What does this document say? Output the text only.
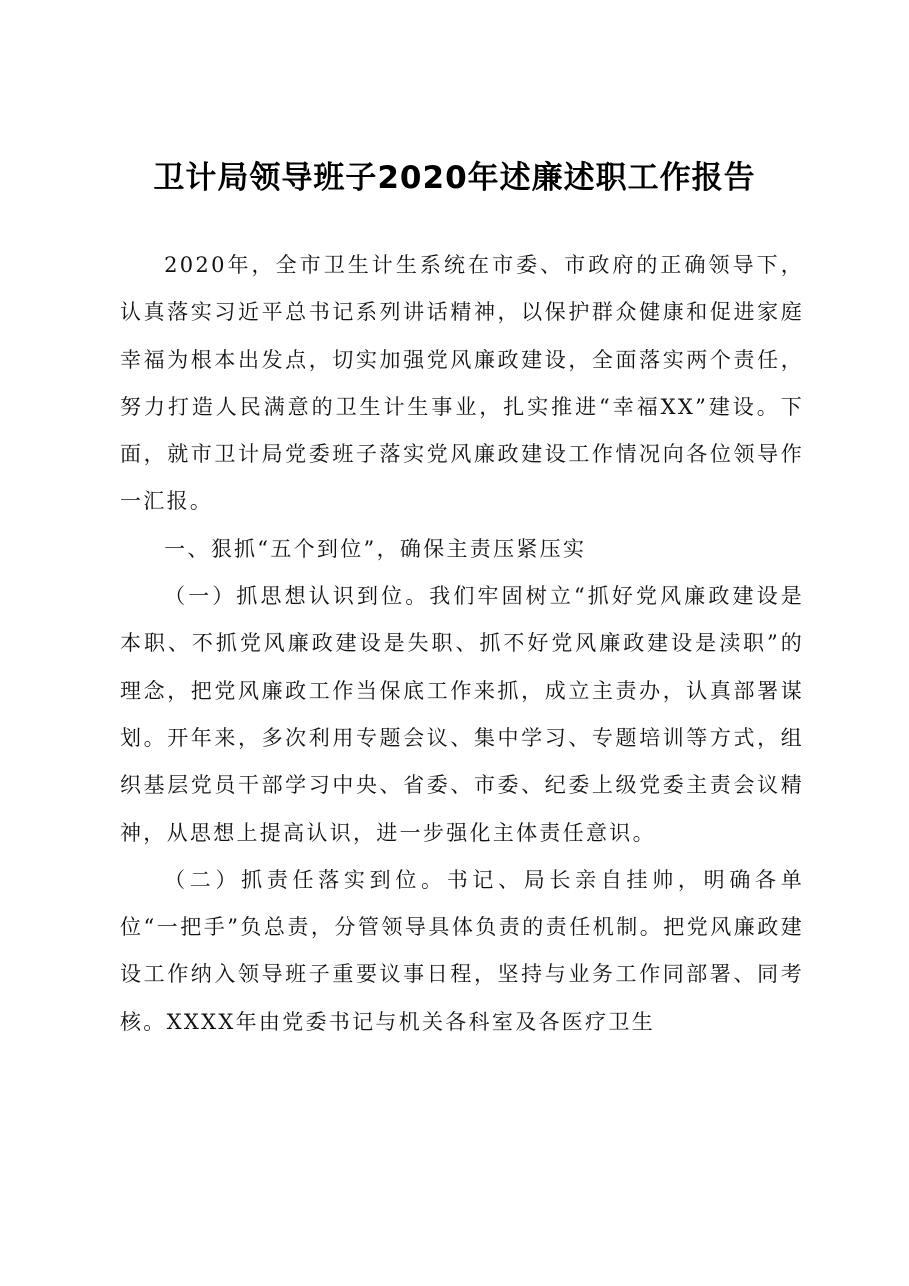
卫计局领导班子2020年述廉述职工作报告

2020年，全市卫生计生系统在市委、市政府的正确领导下，认真落实习近平总书记系列讲话精神，以保护群众健康和促进家庭幸福为根本出发点，切实加强党风廉政建设，全面落实两个责任，努力打造人民满意的卫生计生事业，扎实推进“幸福XX”建设。下面，就市卫计局党委班子落实党风廉政建设工作情况向各位领导作一汇报。

一、狠抓“五个到位”，确保主责压紧压实

（一）抓思想认识到位。我们牢固树立“抓好党风廉政建设是本职、不抓党风廉政建设是失职、抓不好党风廉政建设是渎职”的理念，把党风廉政工作当保底工作来抓，成立主责办，认真部署谋划。开年来，多次利用专题会议、集中学习、专题培训等方式，组织基层党员干部学习中央、省委、市委、纪委上级党委主责会议精神，从思想上提高认识，进一步强化主体责任意识。

（二）抓责任落实到位。书记、局长亲自挂帅，明确各单位“一把手”负总责，分管领导具体负责的责任机制。把党风廉政建设工作纳入领导班子重要议事日程，坚持与业务工作同部署、同考核。XXXX年由党委书记与机关各科室及各医疗卫生
